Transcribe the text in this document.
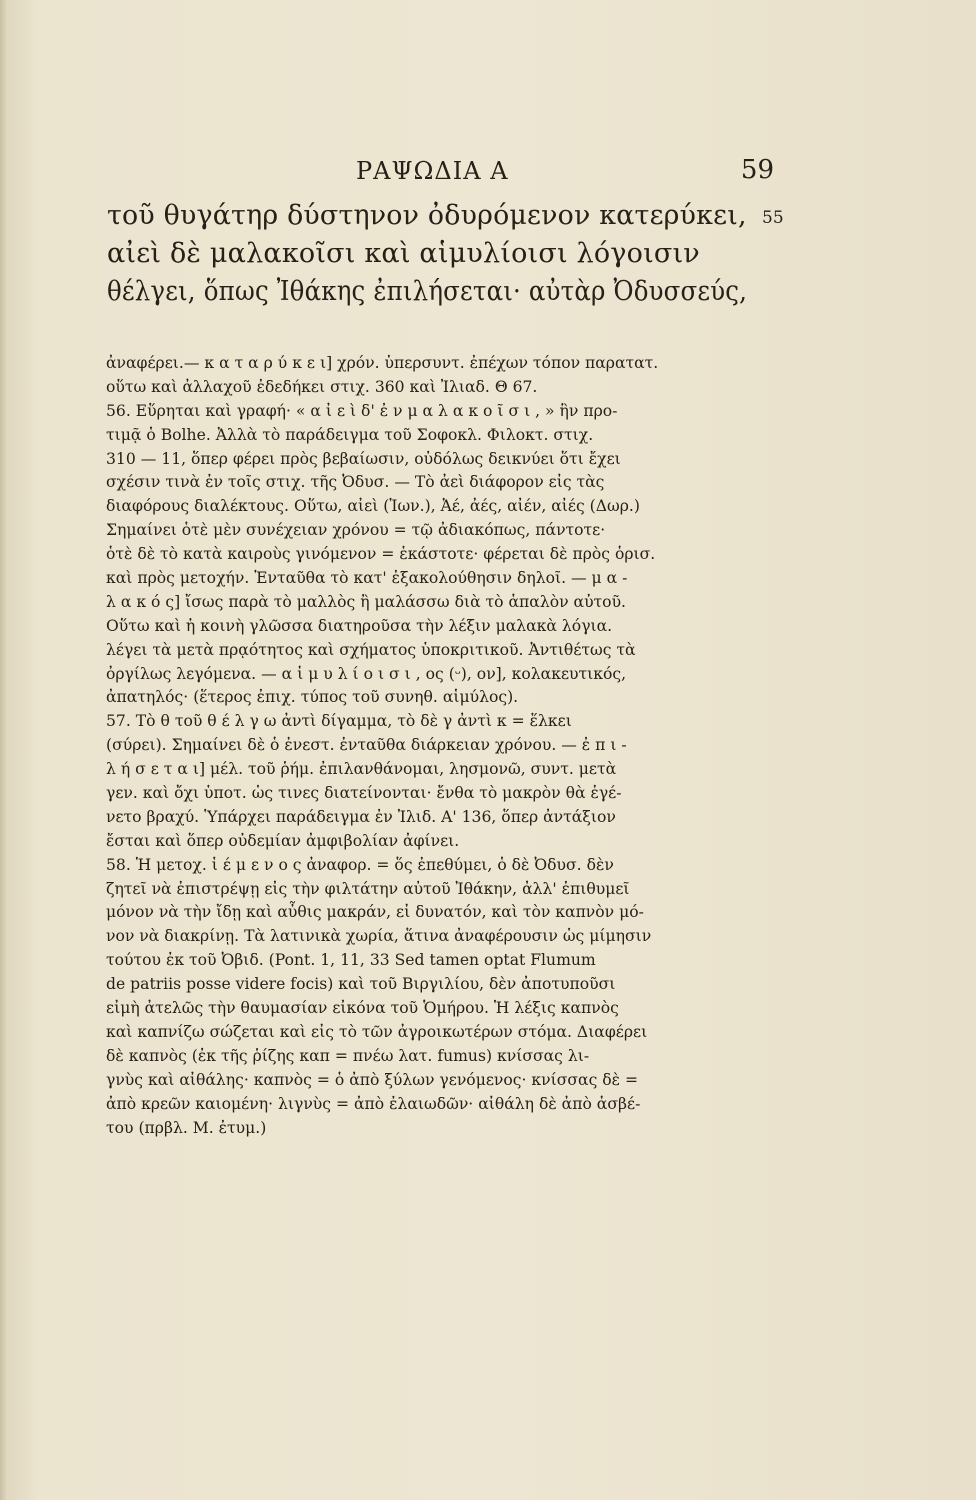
ΡΑΨΩΔΙΑ Α	59
τοῦ θυγάτηρ δύστηνον ὀδυρόμενον κατερύκει,
αἰεὶ δὲ μαλακοῖσι καὶ αἱμυλίοισι λόγοισιν
θέλγει, ὅπως Ἰθάκης ἐπιλήσεται· αὐτὰρ Ὀδυσσεύς,
55
ἀναφέρει.— κ α τ α ρ ύ κ ε ι] χρόν. ὑπερσυντ. ἐπέχων τόπον παρατατ.
οὕτω καὶ ἀλλαχοῦ ἐδεδήκει στιχ. 360 καὶ Ἰλιαδ. Θ 67.
56. Εὕρηται καὶ γραφή· « α ἰ ε ὶ δ' ἐ ν μ α λ α κ ο ῖ σ ι , » ἣν προ-
τιμᾷ ὁ Bolhe. Ἀλλὰ τὸ παράδειγμα τοῦ Σοφοκλ. Φιλοκτ. στιχ.
310 — 11, ὅπερ φέρει πρὸς βεβαίωσιν, οὐδόλως δεικνύει ὅτι ἔχει
σχέσιν τινὰ ἐν τοῖς στιχ. τῆς Ὀδυσ. — Τὸ ἀεὶ διάφορον εἰς τὰς
διαφόρους διαλέκτους. Οὕτω, αἰεὶ (Ἰων.), Ἀέ, ἀές, αἰέν, αἰές (Δωρ.)
Σημαίνει ὁτὲ μὲν συνέχειαν χρόνου = τῷ ἀδιακόπως, πάντοτε·
ὁτὲ δὲ τὸ κατὰ καιροὺς γινόμενον = ἑκάστοτε· φέρεται δὲ πρὸς ὁρισ.
καὶ πρὸς μετοχήν. Ἐνταῦθα τὸ κατ' ἐξακολούθησιν δηλοῖ. — μ α -
λ α κ ό ς] ἴσως παρὰ τὸ μαλλὸς ἢ μαλάσσω διὰ τὸ ἁπαλὸν αὐτοῦ.
Οὕτω καὶ ἡ κοινὴ γλῶσσα διατηροῦσα τὴν λέξιν μαλακὰ λόγια.
λέγει τὰ μετὰ πρᾳότητος καὶ σχήματος ὑποκριτικοῦ. Ἀντιθέτως τὰ
ὀργίλως λεγόμενα. — α ἱ μ υ λ ί ο ι σ ι , ος (ᵕ), ον], κολακευτικός,
ἀπατηλός· (ἕτερος ἐπιχ. τύπος τοῦ συνηθ. αἱμύλος).
57. Τὸ θ τοῦ θ έ λ γ ω ἀντὶ δίγαμμα, τὸ δὲ γ ἀντὶ κ = ἕλκει
(σύρει). Σημαίνει δὲ ὁ ἐνεστ. ἐνταῦθα διάρκειαν χρόνου. — ἐ π ι -
λ ή σ ε τ α ι] μέλ. τοῦ ῥήμ. ἐπιλανθάνομαι, λησμονῶ, συντ. μετὰ
γεν. καὶ ὄχι ὑποτ. ὡς τινες διατείνονται· ἔνθα τὸ μακρὸν θὰ ἐγέ-
νετο βραχύ. Ὑπάρχει παράδειγμα ἐν Ἰλιδ. Α' 136, ὅπερ ἀντάξιον
ἔσται καὶ ὅπερ οὐδεμίαν ἀμφιβολίαν ἀφίνει.
58. Ἡ μετοχ. ἱ έ μ ε ν ο ς ἀναφορ. = ὅς ἐπεθύμει, ὁ δὲ Ὀδυσ. δὲν
ζητεῖ νὰ ἐπιστρέψῃ εἰς τὴν φιλτάτην αὐτοῦ Ἰθάκην, ἀλλ' ἐπιθυμεῖ
μόνον νὰ τὴν ἴδῃ καὶ αὖθις μακράν, εἰ δυνατόν, καὶ τὸν καπνὸν μό-
νον νὰ διακρίνῃ. Τὰ λατινικὰ χωρία, ἅτινα ἀναφέρουσιν ὡς μίμησιν
τούτου ἐκ τοῦ Ὀβιδ. (Pont. 1, 11, 33 Sed tamen optat Flumum
de patriis posse videre focis) καὶ τοῦ Βιργιλίου, δὲν ἀποτυποῦσι
εἰμὴ ἀτελῶς τὴν θαυμασίαν εἰκόνα τοῦ Ὁμήρου. Ἡ λέξις καπνὸς
καὶ καπνίζω σώζεται καὶ εἰς τὸ τῶν ἀγροικωτέρων στόμα. Διαφέρει
δὲ καπνὸς (ἐκ τῆς ῥίζης καπ = πνέω λατ. fumus) κνίσσας λι-
γνὺς καὶ αἰθάλης· καπνὸς = ὁ ἀπὸ ξύλων γενόμενος· κνίσσας δὲ =
ἀπὸ κρεῶν καιομένη· λιγνὺς = ἀπὸ ἐλαιωδῶν· αἰθάλη δὲ ἀπὸ ἀσβέ-
του (πρβλ. Μ. ἐτυμ.)
